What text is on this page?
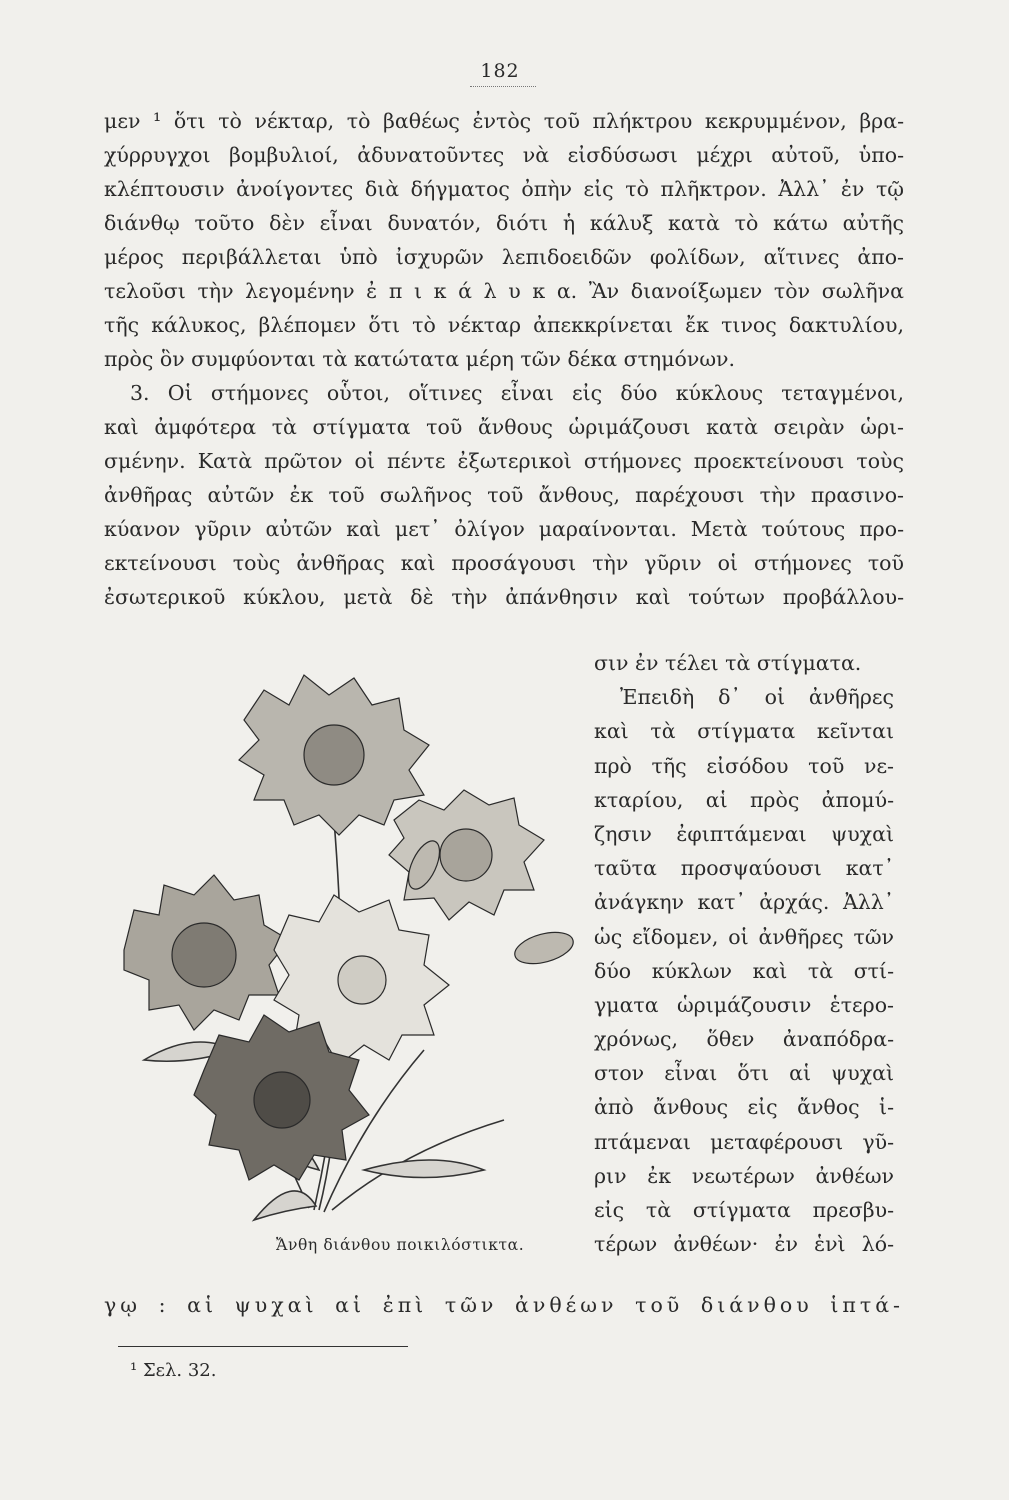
182
μεν ¹ ὅτι τὸ νέκταρ, τὸ βαθέως ἐντὸς τοῦ πλήκτρου κεκρυμμένον, βρα-
χύρρυγχοι βομβυλιοί, ἀδυνατοῦντες νὰ εἰσδύσωσι μέχρι αὐτοῦ, ὑπο-
κλέπτουσιν ἀνοίγοντες διὰ δήγματος ὀπὴν εἰς τὸ πλῆκτρον. Ἀλλ᾽ ἐν τῷ
διάνθῳ τοῦτο δὲν εἶναι δυνατόν, διότι ἡ κάλυξ κατὰ τὸ κάτω αὐτῆς
μέρος περιβάλλεται ὑπὸ ἰσχυρῶν λεπιδοειδῶν φολίδων, αἵτινες ἀπο-
τελοῦσι τὴν λεγομένην ἐ π ι κ ά λ υ κ α. Ἂν διανοίξωμεν τὸν σωλῆνα
τῆς κάλυκος, βλέπομεν ὅτι τὸ νέκταρ ἀπεκκρίνεται ἔκ τινος δακτυλίου,
πρὸς ὃν συμφύονται τὰ κατώτατα μέρη τῶν δέκα στημόνων.
3. Οἱ στήμονες οὗτοι, οἵτινες εἶναι εἰς δύο κύκλους τεταγμένοι,
καὶ ἀμφότερα τὰ στίγματα τοῦ ἄνθους ὡριμάζουσι κατὰ σειρὰν ὡρι-
σμένην. Κατὰ πρῶτον οἱ πέντε ἐξωτερικοὶ στήμονες προεκτείνουσι τοὺς
ἀνθῆρας αὐτῶν ἐκ τοῦ σωλῆνος τοῦ ἄνθους, παρέχουσι τὴν πρασινο-
κύανον γῦριν αὐτῶν καὶ μετ᾽ ὀλίγον μαραίνονται. Μετὰ τούτους προ-
εκτείνουσι τοὺς ἀνθῆρας καὶ προσάγουσι τὴν γῦριν οἱ στήμονες τοῦ
ἐσωτερικοῦ κύκλου, μετὰ δὲ τὴν ἀπάνθησιν καὶ τούτων προβάλλου-
Ἄνθη διάνθου ποικιλόστικτα.
σιν ἐν τέλει τὰ στίγματα.
Ἐπειδὴ δ᾽ οἱ ἀνθῆρες
καὶ τὰ στίγματα κεῖνται
πρὸ τῆς εἰσόδου τοῦ νε-
κταρίου, αἱ πρὸς ἀπομύ-
ζησιν ἐφιπτάμεναι ψυχαὶ
ταῦτα προσψαύουσι κατ᾽
ἀνάγκην κατ᾽ ἀρχάς. Ἀλλ᾽
ὡς εἴδομεν, οἱ ἀνθῆρες τῶν
δύο κύκλων καὶ τὰ στί-
γματα ὡριμάζουσιν ἑτερο-
χρόνως, ὅθεν ἀναπόδρα-
στον εἶναι ὅτι αἱ ψυχαὶ
ἀπὸ ἄνθους εἰς ἄνθος ἱ-
πτάμεναι μεταφέρουσι γῦ-
ριν ἐκ νεωτέρων ἀνθέων
εἰς τὰ στίγματα πρεσβυ-
τέρων ἀνθέων· ἐν ἑνὶ λό-
γῳ : αἱ ψυχαὶ αἱ ἐπὶ τῶν ἀνθέων τοῦ διάνθου ἱπτά-
¹ Σελ. 32.
